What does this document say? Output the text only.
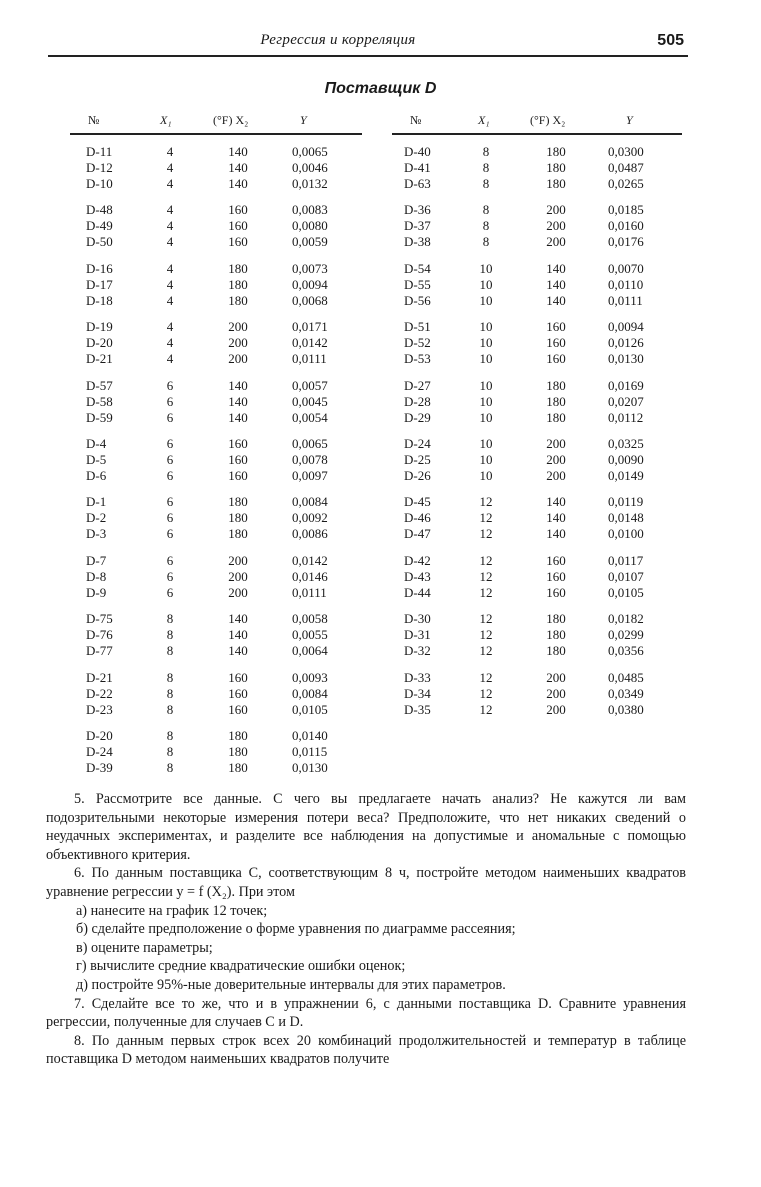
Регрессия и корреляция	505
Поставщик D
№	X₁	(°F) X₂	Y	№	X₁	(°F) X₂	Y
D-11	4	140	0,0065
D-12	4	140	0,0046
D-10	4	140	0,0132
D-48	4	160	0,0083
D-49	4	160	0,0080
D-50	4	160	0,0059
D-16	4	180	0,0073
D-17	4	180	0,0094
D-18	4	180	0,0068
D-19	4	200	0,0171
D-20	4	200	0,0142
D-21	4	200	0,0111
D-57	6	140	0,0057
D-58	6	140	0,0045
D-59	6	140	0,0054
D-4	6	160	0,0065
D-5	6	160	0,0078
D-6	6	160	0,0097
D-1	6	180	0,0084
D-2	6	180	0,0092
D-3	6	180	0,0086
D-7	6	200	0,0142
D-8	6	200	0,0146
D-9	6	200	0,0111
D-75	8	140	0,0058
D-76	8	140	0,0055
D-77	8	140	0,0064
D-21	8	160	0,0093
D-22	8	160	0,0084
D-23	8	160	0,0105
D-20	8	180	0,0140
D-24	8	180	0,0115
D-39	8	180	0,0130
D-40	8	180	0,0300
D-41	8	180	0,0487
D-63	8	180	0,0265
D-36	8	200	0,0185
D-37	8	200	0,0160
D-38	8	200	0,0176
D-54	10	140	0,0070
D-55	10	140	0,0110
D-56	10	140	0,0111
D-51	10	160	0,0094
D-52	10	160	0,0126
D-53	10	160	0,0130
D-27	10	180	0,0169
D-28	10	180	0,0207
D-29	10	180	0,0112
D-24	10	200	0,0325
D-25	10	200	0,0090
D-26	10	200	0,0149
D-45	12	140	0,0119
D-46	12	140	0,0148
D-47	12	140	0,0100
D-42	12	160	0,0117
D-43	12	160	0,0107
D-44	12	160	0,0105
D-30	12	180	0,0182
D-31	12	180	0,0299
D-32	12	180	0,0356
D-33	12	200	0,0485
D-34	12	200	0,0349
D-35	12	200	0,0380

5. Рассмотрите все данные. С чего вы предлагаете начать анализ? Не кажутся ли вам подозрительными некоторые измерения потери веса? Предположите, что нет никаких сведений о неудачных экспериментах, и разделите все наблюдения на допустимые и аномальные с помощью объективного критерия.

6. По данным поставщика C, соответствующим 8 ч, постройте методом наименьших квадратов уравнение регрессии y = f (X₂). При этом

а) нанесите на график 12 точек;

б) сделайте предположение о форме уравнения по диаграмме рассеяния;

в) оцените параметры;

г) вычислите средние квадратические ошибки оценок;

д) постройте 95%-ные доверительные интервалы для этих параметров.

7. Сделайте все то же, что и в упражнении 6, с данными поставщика D. Сравните уравнения регрессии, полученные для случаев C и D.

8. По данным первых строк всех 20 комбинаций продолжительностей и температур в таблице поставщика D методом наименьших квадратов получите
